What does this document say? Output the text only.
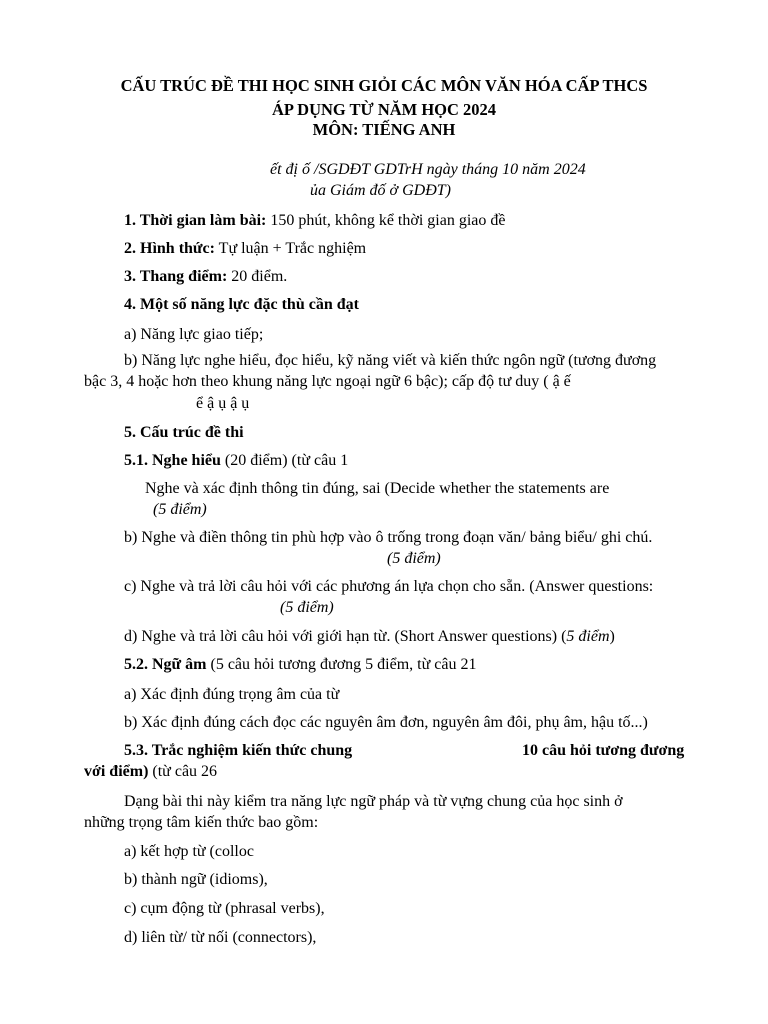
CẤU TRÚC ĐỀ THI HỌC SINH GIỎI CÁC MÔN VĂN HÓA CẤP THCS
ÁP DỤNG TỪ NĂM HỌC 2024
MÔN: TIẾNG ANH
ết đị ố /SGDĐT GDTrH ngày tháng 10 năm 2024
ủa Giám đố ở GDĐT)
1. Thời gian làm bài: 150 phút, không kể thời gian giao đề
2. Hình thức: Tự luận + Trắc nghiệm
3. Thang điểm: 20 điểm.
4. Một số năng lực đặc thù cần đạt
a) Năng lực giao tiếp;
b) Năng lực nghe hiểu, đọc hiểu, kỹ năng viết và kiến thức ngôn ngữ (tương đương
bậc 3, 4 hoặc hơn theo khung năng lực ngoại ngữ 6 bậc); cấp độ tư duy ( ậ ế
ể ậ ụ ậ ụ
5. Cấu trúc đề thi
5.1. Nghe hiểu (20 điểm) (từ câu 1
Nghe và xác định thông tin đúng, sai (Decide whether the statements are
(5 điểm)
b) Nghe và điền thông tin phù hợp vào ô trống trong đoạn văn/ bảng biểu/ ghi chú.
(5 điểm)
c) Nghe và trả lời câu hỏi với các phương án lựa chọn cho sẵn. (Answer questions:
(5 điểm)
d) Nghe và trả lời câu hỏi với giới hạn từ. (Short Answer questions) (5 điểm)
5.2. Ngữ âm (5 câu hỏi tương đương 5 điểm, từ câu 21
a) Xác định đúng trọng âm của từ
b) Xác định đúng cách đọc các nguyên âm đơn, nguyên âm đôi, phụ âm, hậu tố...)
5.3. Trắc nghiệm kiến thức chung	10 câu hỏi tương đương
với điểm) (từ câu 26
Dạng bài thi này kiểm tra năng lực ngữ pháp và từ vựng chung của học sinh ở
những trọng tâm kiến thức bao gồm:
a) kết hợp từ (colloc
b) thành ngữ (idioms),
c) cụm động từ (phrasal verbs),
d) liên từ/ từ nối (connectors),
